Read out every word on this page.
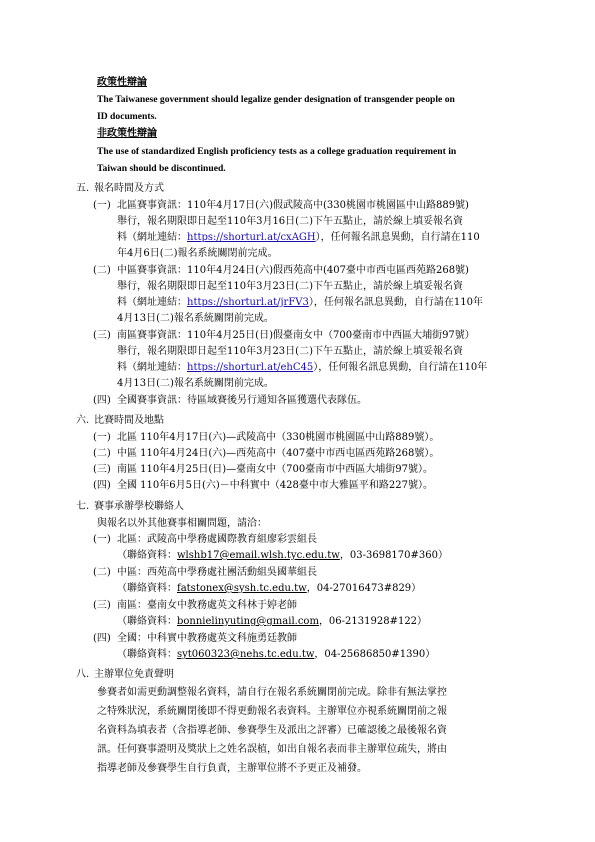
政策性辯論
The Taiwanese government should legalize gender designation of transgender people on
ID documents.
非政策性辯論
The use of standardized English proficiency tests as a college graduation requirement in
Taiwan should be discontinued.
五. 報名時間及方式
(一) 北區賽事資訊：110年4月17日(六)假武陵高中(330桃園市桃園區中山路889號)
舉行，報名期限即日起至110年3月16日(二)下午五點止，請於線上填妥報名資
料（網址連結：https://shorturl.at/cxAGH），任何報名訊息異動，自行請在110
年4月6日(二)報名系統關閉前完成。
(二) 中區賽事資訊：110年4月24日(六)假西苑高中(407臺中市西屯區西苑路268號)
舉行，報名期限即日起至110年3月23日(二)下午五點止，請於線上填妥報名資
料（網址連結：https://shorturl.at/jrFV3），任何報名訊息異動，自行請在110年
4月13日(二)報名系統關閉前完成。
(三) 南區賽事資訊：110年4月25日(日)假臺南女中（700臺南市中西區大埔街97號）
舉行，報名期限即日起至110年3月23日(二)下午五點止，請於線上填妥報名資
料（網址連結：https://shorturl.at/ehC45），任何報名訊息異動，自行請在110年
4月13日(二)報名系統關閉前完成。
(四) 全國賽事資訊：待區域賽後另行通知各區獲選代表隊伍。
六. 比賽時間及地點
(一) 北區 110年4月17日(六)—武陵高中（330桃園市桃園區中山路889號）。
(二) 中區 110年4月24日(六)—西苑高中（407臺中市西屯區西苑路268號）。
(三) 南區 110年4月25日(日)—臺南女中（700臺南市中西區大埔街97號）。
(四) 全國 110年6月5日(六)－中科實中（428臺中市大雅區平和路227號）。
七. 賽事承辦學校聯絡人
與報名以外其他賽事相關問題，請洽：
(一) 北區：武陵高中學務處國際教育組廖彩雲組長
（聯絡資料：wlshb17@email.wlsh.tyc.edu.tw，03-3698170#360）
(二) 中區：西苑高中學務處社團活動組吳國華組長
（聯絡資料：fatstonex@sysh.tc.edu.tw，04-27016473#829）
(三) 南區：臺南女中教務處英文科林于婷老師
（聯絡資料：bonnielinyuting@gmail.com，06-2131928#122）
(四) 全國：中科實中教務處英文科施勇廷教師
（聯絡資料：syt060323@nehs.tc.edu.tw，04-25686850#1390）
八. 主辦單位免責聲明
參賽者如需更動調整報名資料，請自行在報名系統關閉前完成。除非有無法掌控
之特殊狀況，系統關閉後即不得更動報名表資料。主辦單位亦視系統關閉前之報
名資料為填表者（含指導老師、參賽學生及派出之評審）已確認後之最後報名資
訊。任何賽事證明及獎狀上之姓名誤植，如出自報名表而非主辦單位疏失，將由
指導老師及參賽學生自行負責，主辦單位將不予更正及補發。
